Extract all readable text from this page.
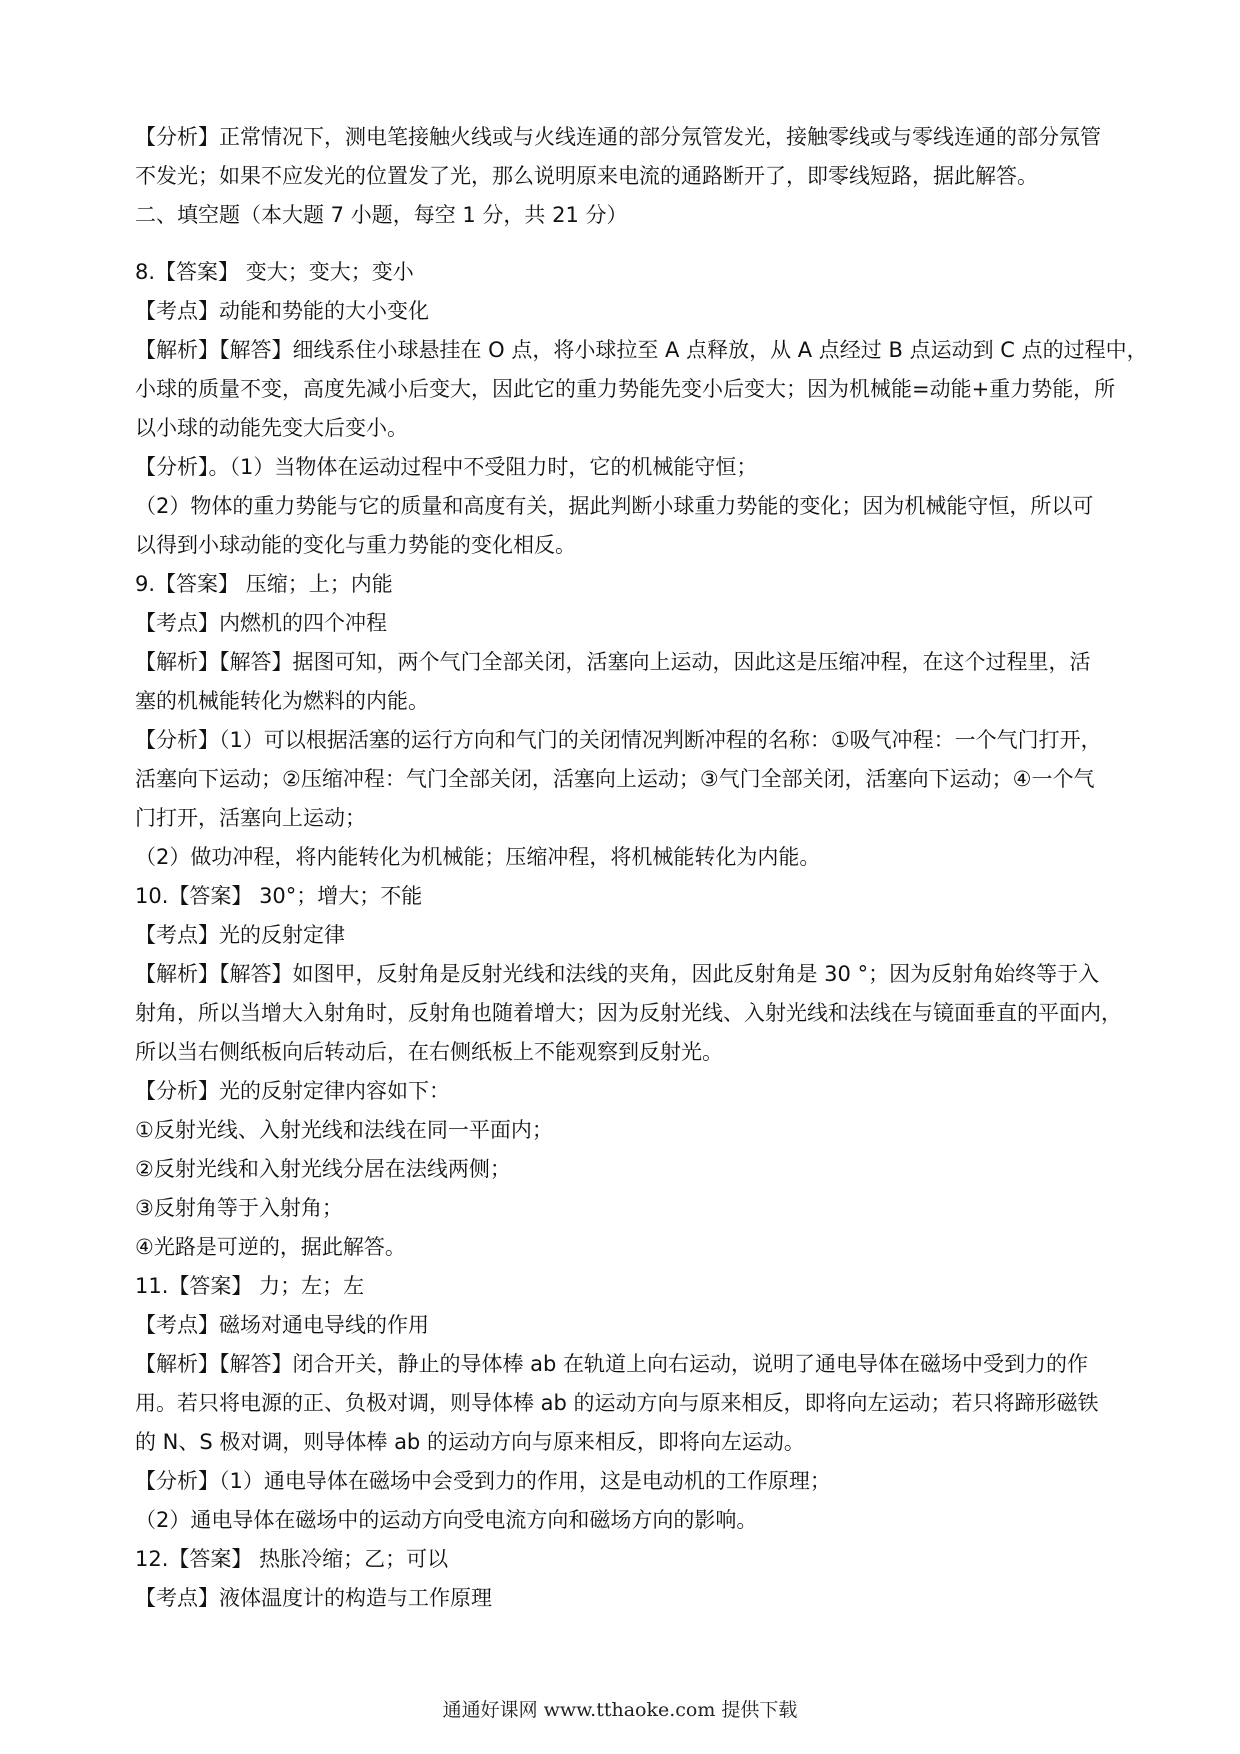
【分析】正常情况下，测电笔接触火线或与火线连通的部分氖管发光，接触零线或与零线连通的部分氖管
不发光；如果不应发光的位置发了光，那么说明原来电流的通路断开了，即零线短路，据此解答。
二、填空题（本大题 7 小题，每空 1 分，共 21 分）
8.【答案】 变大；变大；变小
【考点】动能和势能的大小变化
【解析】【解答】细线系住小球悬挂在 O 点，将小球拉至 A 点释放，从 A 点经过 B 点运动到 C 点的过程中，
小球的质量不变，高度先减小后变大，因此它的重力势能先变小后变大；因为机械能=动能+重力势能，所
以小球的动能先变大后变小。
【分析】。（1）当物体在运动过程中不受阻力时，它的机械能守恒；
（2）物体的重力势能与它的质量和高度有关，据此判断小球重力势能的变化；因为机械能守恒，所以可
以得到小球动能的变化与重力势能的变化相反。
9.【答案】 压缩；上；内能
【考点】内燃机的四个冲程
【解析】【解答】据图可知，两个气门全部关闭，活塞向上运动，因此这是压缩冲程，在这个过程里，活
塞的机械能转化为燃料的内能。
【分析】（1）可以根据活塞的运行方向和气门的关闭情况判断冲程的名称：①吸气冲程：一个气门打开，
活塞向下运动；②压缩冲程：气门全部关闭，活塞向上运动；③气门全部关闭，活塞向下运动；④一个气
门打开，活塞向上运动；
（2）做功冲程，将内能转化为机械能；压缩冲程，将机械能转化为内能。
10.【答案】 30°；增大；不能
【考点】光的反射定律
【解析】【解答】如图甲，反射角是反射光线和法线的夹角，因此反射角是 30 °；因为反射角始终等于入
射角，所以当增大入射角时，反射角也随着增大；因为反射光线、入射光线和法线在与镜面垂直的平面内，
所以当右侧纸板向后转动后，在右侧纸板上不能观察到反射光。
【分析】光的反射定律内容如下：
①反射光线、入射光线和法线在同一平面内；
②反射光线和入射光线分居在法线两侧；
③反射角等于入射角；
④光路是可逆的，据此解答。
11.【答案】 力；左；左
【考点】磁场对通电导线的作用
【解析】【解答】闭合开关，静止的导体棒 ab 在轨道上向右运动，说明了通电导体在磁场中受到力的作
用。若只将电源的正、负极对调，则导体棒 ab 的运动方向与原来相反，即将向左运动；若只将蹄形磁铁
的 N、S 极对调，则导体棒 ab 的运动方向与原来相反，即将向左运动。
【分析】（1）通电导体在磁场中会受到力的作用，这是电动机的工作原理；
（2）通电导体在磁场中的运动方向受电流方向和磁场方向的影响。
12.【答案】 热胀冷缩；乙；可以
【考点】液体温度计的构造与工作原理
通通好课网 www.tthaoke.com 提供下载
